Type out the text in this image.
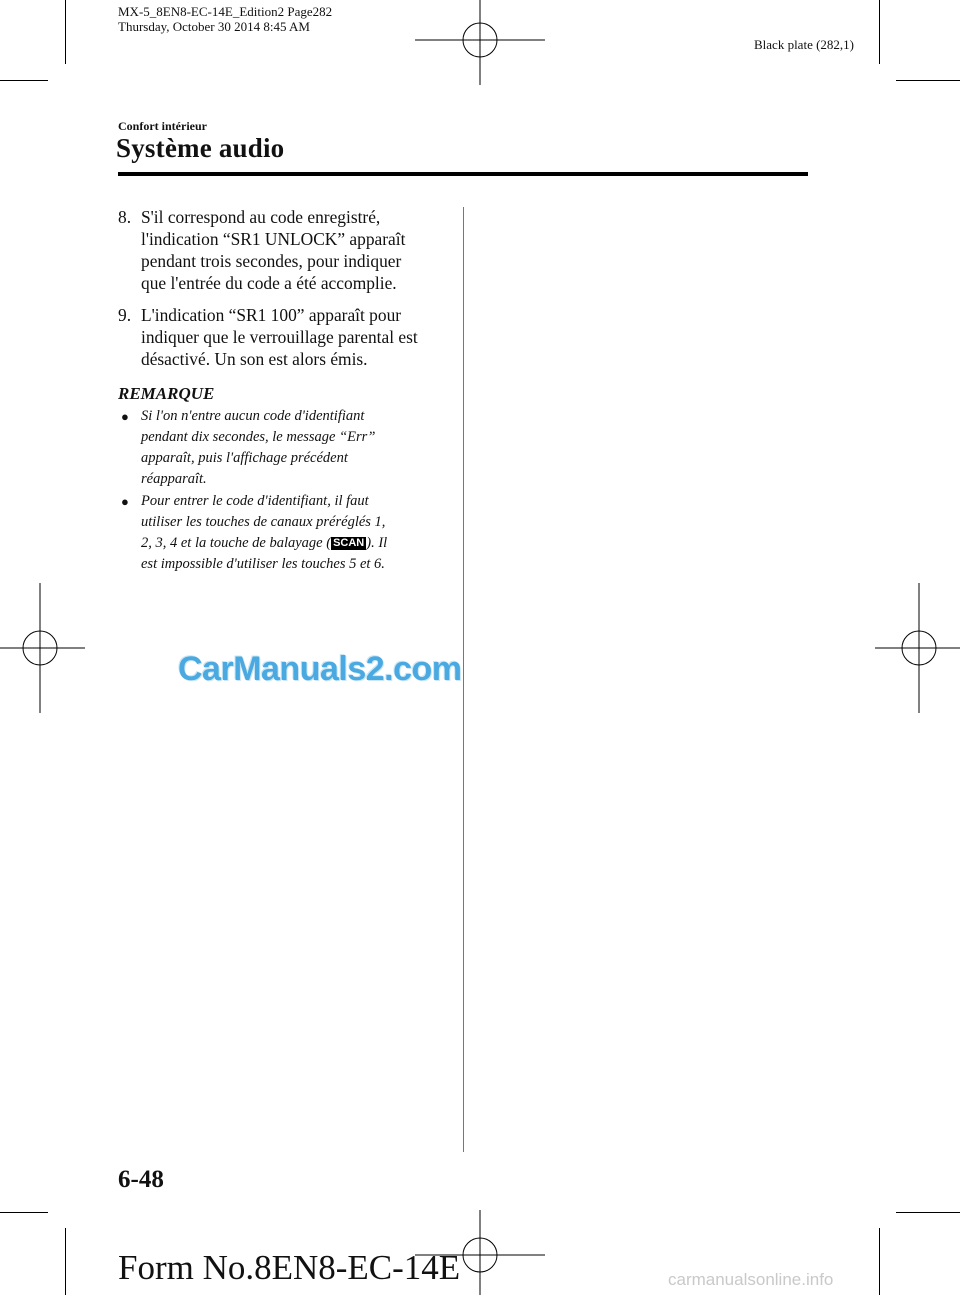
MX-5_8EN8-EC-14E_Edition2 Page282
Thursday, October 30 2014 8:45 AM
Black plate (282,1)
Confort intérieur
Système audio
8. S'il correspond au code enregistré,
l'indication “SR1 UNLOCK” apparaît
pendant trois secondes, pour indiquer
que l'entrée du code a été accomplie.
9. L'indication “SR1 100” apparaît pour
indiquer que le verrouillage parental est
désactivé. Un son est alors émis.
REMARQUE
● Si l'on n'entre aucun code d'identifiant
pendant dix secondes, le message “Err”
apparaît, puis l'affichage précédent
réapparaît.
● Pour entrer le code d'identifiant, il faut
utiliser les touches de canaux préréglés 1,
2, 3, 4 et la touche de balayage ( SCAN ). Il
est impossible d'utiliser les touches 5 et 6.
CarManuals2.com
6-48
Form No.8EN8-EC-14E	carmanualsonline.info
